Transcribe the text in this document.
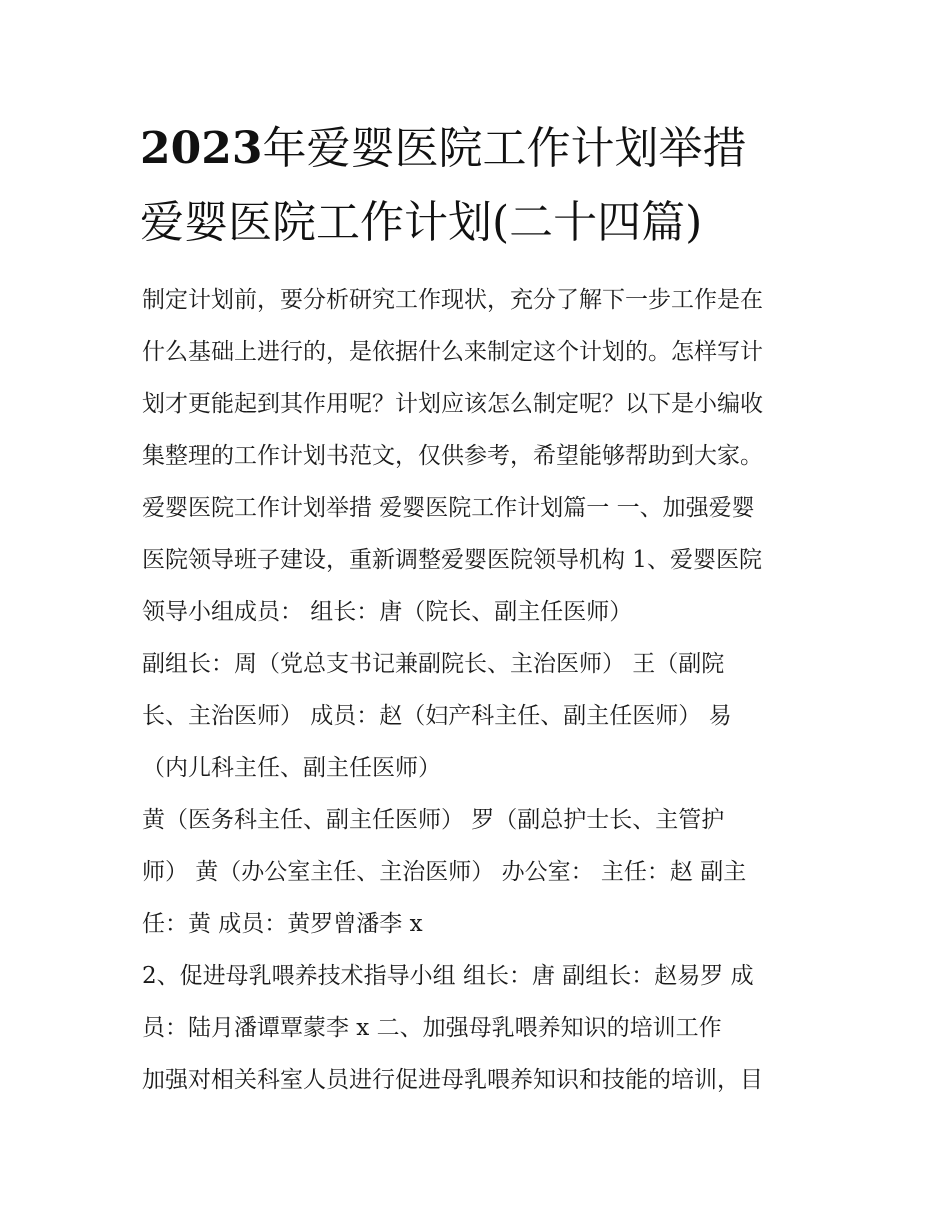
2023年爱婴医院工作计划举措
爱婴医院工作计划(二十四篇)
制定计划前，要分析研究工作现状，充分了解下一步工作是在
什么基础上进行的，是依据什么来制定这个计划的。怎样写计
划才更能起到其作用呢？计划应该怎么制定呢？以下是小编收
集整理的工作计划书范文，仅供参考，希望能够帮助到大家。
爱婴医院工作计划举措 爱婴医院工作计划篇一 一、加强爱婴
医院领导班子建设，重新调整爱婴医院领导机构 1、爱婴医院
领导小组成员： 组长：唐（院长、副主任医师）
副组长：周（党总支书记兼副院长、主治医师） 王（副院
长、主治医师） 成员：赵（妇产科主任、副主任医师） 易
（内儿科主任、副主任医师）
黄（医务科主任、副主任医师） 罗（副总护士长、主管护
师） 黄（办公室主任、主治医师） 办公室： 主任：赵 副主
任：黄 成员：黄罗曾潘李 x
2、促进母乳喂养技术指导小组 组长：唐 副组长：赵易罗 成
员：陆月潘谭覃蒙李 x 二、加强母乳喂养知识的培训工作
加强对相关科室人员进行促进母乳喂养知识和技能的培训，目
